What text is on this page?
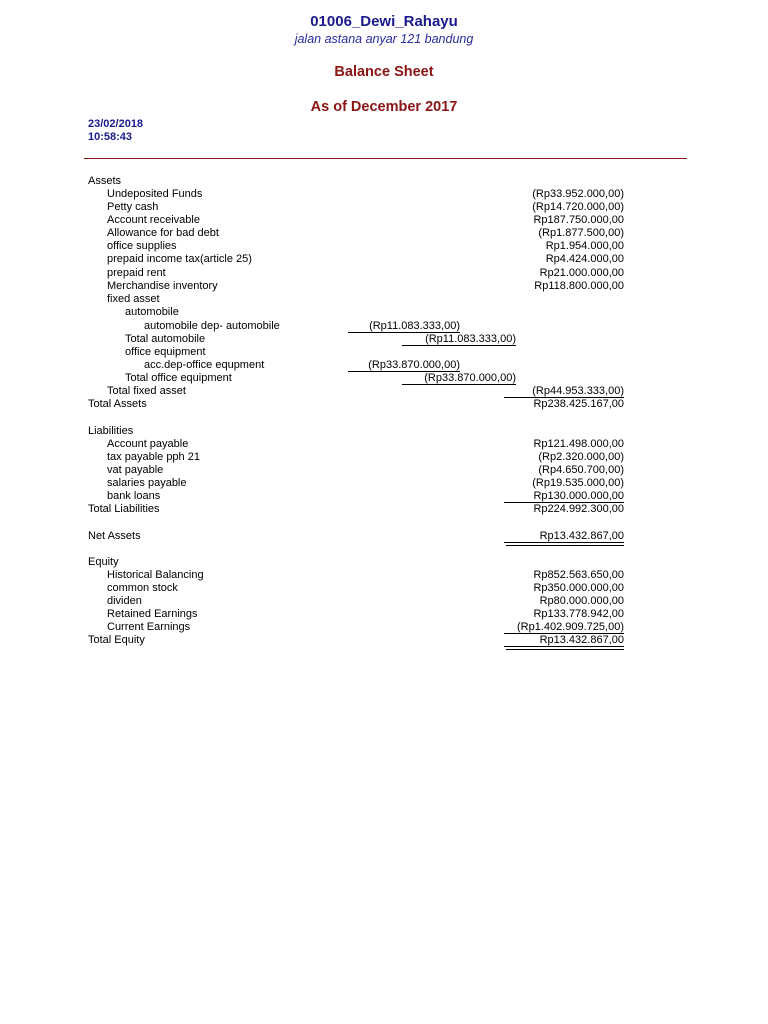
01006_Dewi_Rahayu
jalan astana anyar 121 bandung
Balance Sheet
As of December 2017
23/02/2018
10:58:43
Assets
Undeposited Funds	(Rp33.952.000,00)
Petty cash	(Rp14.720.000,00)
Account receivable	Rp187.750.000,00
Allowance for bad debt	(Rp1.877.500,00)
office supplies	Rp1.954.000,00
prepaid income tax(article 25)	Rp4.424.000,00
prepaid rent	Rp21.000.000,00
Merchandise inventory	Rp118.800.000,00
fixed asset
automobile
automobile dep- automobile	(Rp11.083.333,00)
Total automobile	(Rp11.083.333,00)
office equipment
acc.dep-office equpment	(Rp33.870.000,00)
Total office equipment	(Rp33.870.000,00)
Total fixed asset	(Rp44.953.333,00)
Total Assets	Rp238.425.167,00
Liabilities
Account payable	Rp121.498.000,00
tax payable pph 21	(Rp2.320.000,00)
vat payable	(Rp4.650.700,00)
salaries payable	(Rp19.535.000,00)
bank loans	Rp130.000.000,00
Total Liabilities	Rp224.992.300,00
Net Assets	Rp13.432.867,00
Equity
Historical Balancing	Rp852.563.650,00
common stock	Rp350.000.000,00
dividen	Rp80.000.000,00
Retained Earnings	Rp133.778.942,00
Current Earnings	(Rp1.402.909.725,00)
Total Equity	Rp13.432.867,00
